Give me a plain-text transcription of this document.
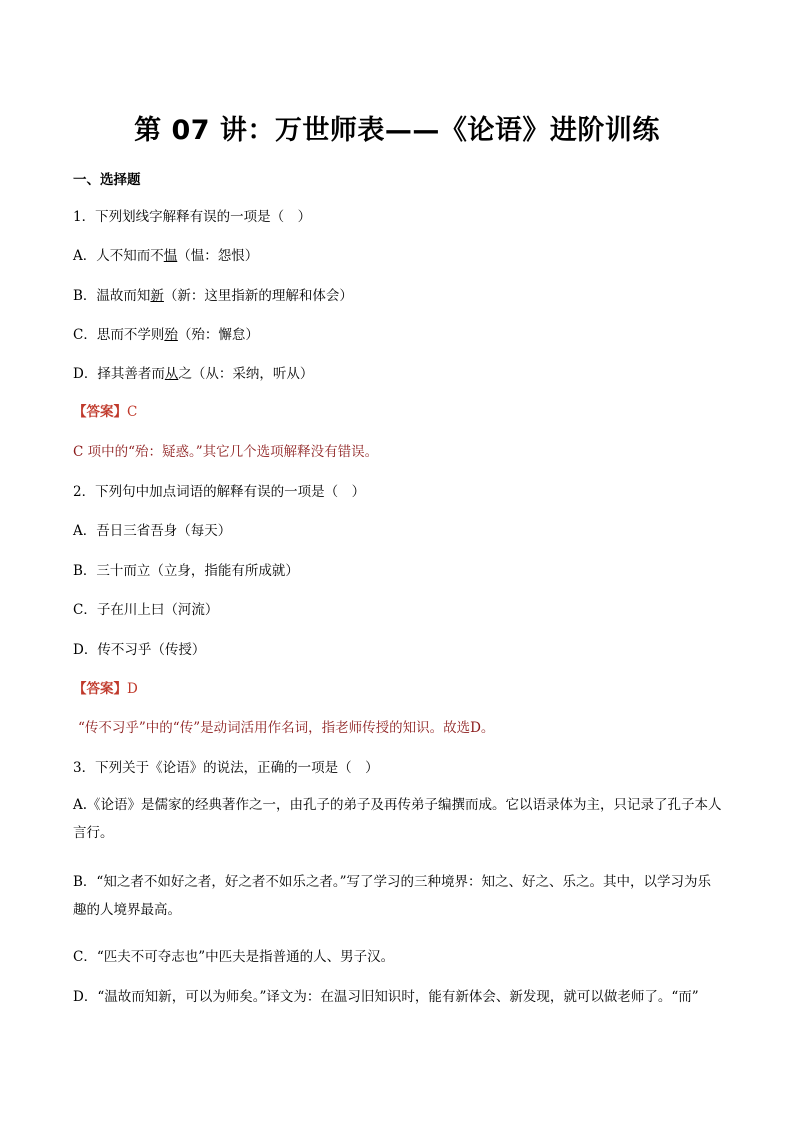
第 07 讲：万世师表——《论语》进阶训练
一、选择题
1．下列划线字解释有误的一项是（　）
A．人不知而不愠（愠：怨恨）
B．温故而知新（新：这里指新的理解和体会）
C．思而不学则殆（殆：懈怠）
D．择其善者而从之（从：采纳，听从）
【答案】C
C 项中的“殆：疑惑。”其它几个选项解释没有错误。
2．下列句中加点词语的解释有误的一项是（　）
A．吾日三省吾身（每天）
B．三十而立（立身，指能有所成就）
C．子在川上曰（河流）
D．传不习乎（传授）
【答案】D
“传不习乎”中的“传”是动词活用作名词，指老师传授的知识。故选D。
3．下列关于《论语》的说法，正确的一项是（　）
A.《论语》是儒家的经典著作之一，由孔子的弟子及再传弟子编撰而成。它以语录体为主，只记录了孔子本人言行。
B．“知之者不如好之者，好之者不如乐之者。”写了学习的三种境界：知之、好之、乐之。其中，以学习为乐趣的人境界最高。
C．“匹夫不可夺志也”中匹夫是指普通的人、男子汉。
D．“温故而知新，可以为师矣。”译文为：在温习旧知识时，能有新体会、新发现，就可以做老师了。“而”
